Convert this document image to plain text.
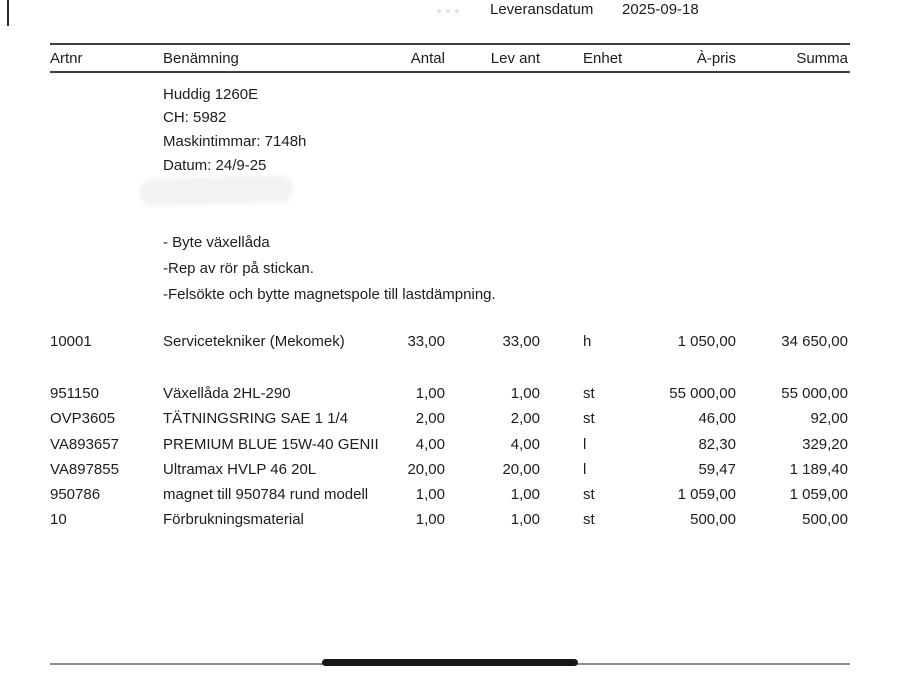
Leveransdatum 2025-09-18
Artnr	Benämning	Antal	Lev ant	Enhet	À-pris	Summa
Huddig 1260E
CH: 5982
Maskintimmar: 7148h
Datum: 24/9-25
- Byte växellåda
-Rep av rör på stickan.
-Felsökte och bytte magnetspole till lastdämpning.
10001	Servicetekniker (Mekomek)	33,00	33,00	h	1 050,00	34 650,00
951150	Växellåda 2HL-290	1,00	1,00	st	55 000,00	55 000,00
OVP3605	TÄTNINGSRING SAE 1 1/4	2,00	2,00	st	46,00	92,00
VA893657	PREMIUM BLUE 15W-40 GENII	4,00	4,00	l	82,30	329,20
VA897855	Ultramax HVLP 46 20L	20,00	20,00	l	59,47	1 189,40
950786	magnet till 950784 rund modell	1,00	1,00	st	1 059,00	1 059,00
10	Förbrukningsmaterial	1,00	1,00	st	500,00	500,00
